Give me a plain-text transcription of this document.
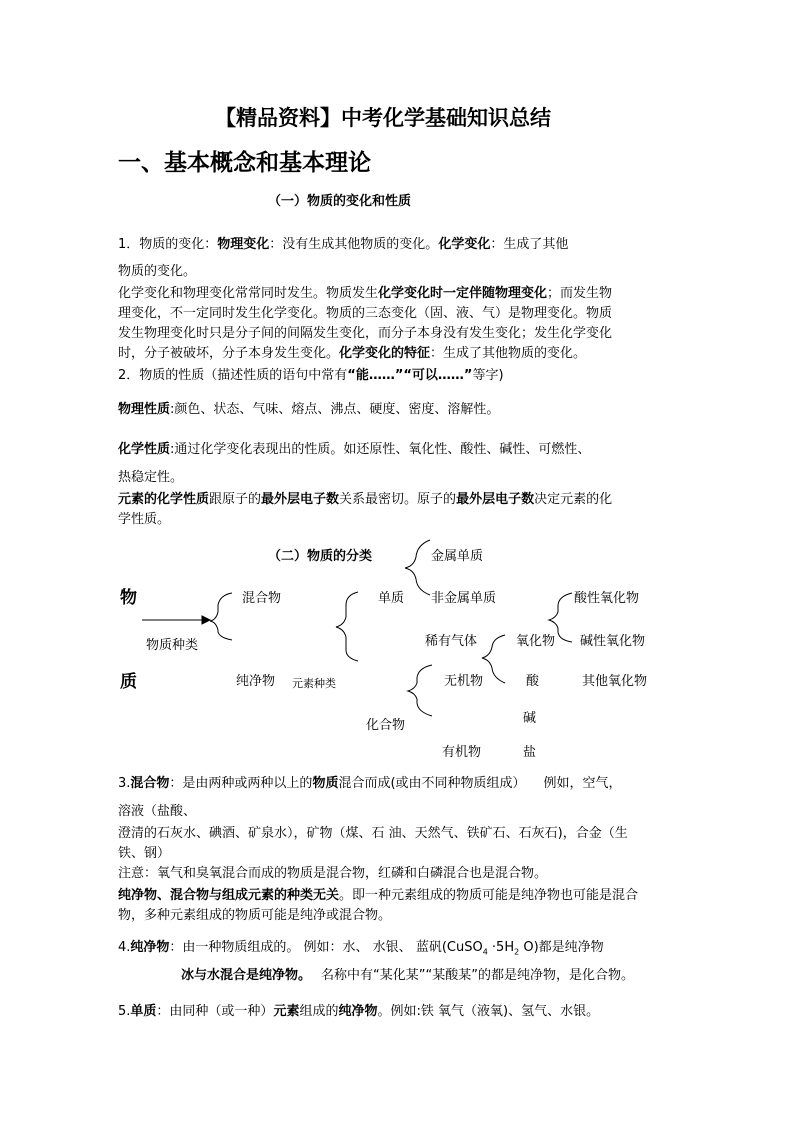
【精品资料】中考化学基础知识总结
一、基本概念和基本理论
（一）物质的变化和性质
1．物质的变化：物理变化：没有生成其他物质的变化。化学变化：生成了其他
物质的变化。
化学变化和物理变化常常同时发生。物质发生化学变化时一定伴随物理变化；而发生物
理变化，不一定同时发生化学变化。物质的三态变化（固、液、气）是物理变化。物质
发生物理变化时只是分子间的间隔发生变化，而分子本身没有发生变化；发生化学变化
时，分子被破坏，分子本身发生变化。化学变化的特征：生成了其他物质的变化。
2．物质的性质（描述性质的语句中常有“能……”“可以……”等字)
物理性质:颜色、状态、气味、熔点、沸点、硬度、密度、溶解性。
化学性质:通过化学变化表现出的性质。如还原性、氧化性、酸性、碱性、可燃性、
热稳定性。
元素的化学性质跟原子的最外层电子数关系最密切。原子的最外层电子数决定元素的化
学性质。
（二）物质的分类
物
质
物质种类
混合物
纯净物 元素种类
单质
化合物
金属单质
非金属单质
稀有气体
无机物
有机物
氧化物
酸
碱
盐
酸性氧化物
碱性氧化物
其他氧化物
3.混合物：是由两种或两种以上的物质混合而成(或由不同种物质组成） 例如，空气，
溶液（盐酸、
澄清的石灰水、碘酒、矿泉水），矿物（煤、石 油、天然气、铁矿石、石灰石)，合金（生
铁、钢）
注意：氧气和臭氧混合而成的物质是混合物，红磷和白磷混合也是混合物。
纯净物、混合物与组成元素的种类无关。即一种元素组成的物质可能是纯净物也可能是混合
物，多种元素组成的物质可能是纯净或混合物。
4.纯净物：由一种物质组成的。 例如：水、 水银、 蓝矾(CuSO$_4$ $\cdot 5H_2$ O)都是纯净物
冰与水混合是纯净物。 名称中有“某化某”“某酸某”的都是纯净物，是化合物。
5.单质：由同种（或一种）元素组成的纯净物。例如:铁 氧气（液氧)、氢气、水银。
